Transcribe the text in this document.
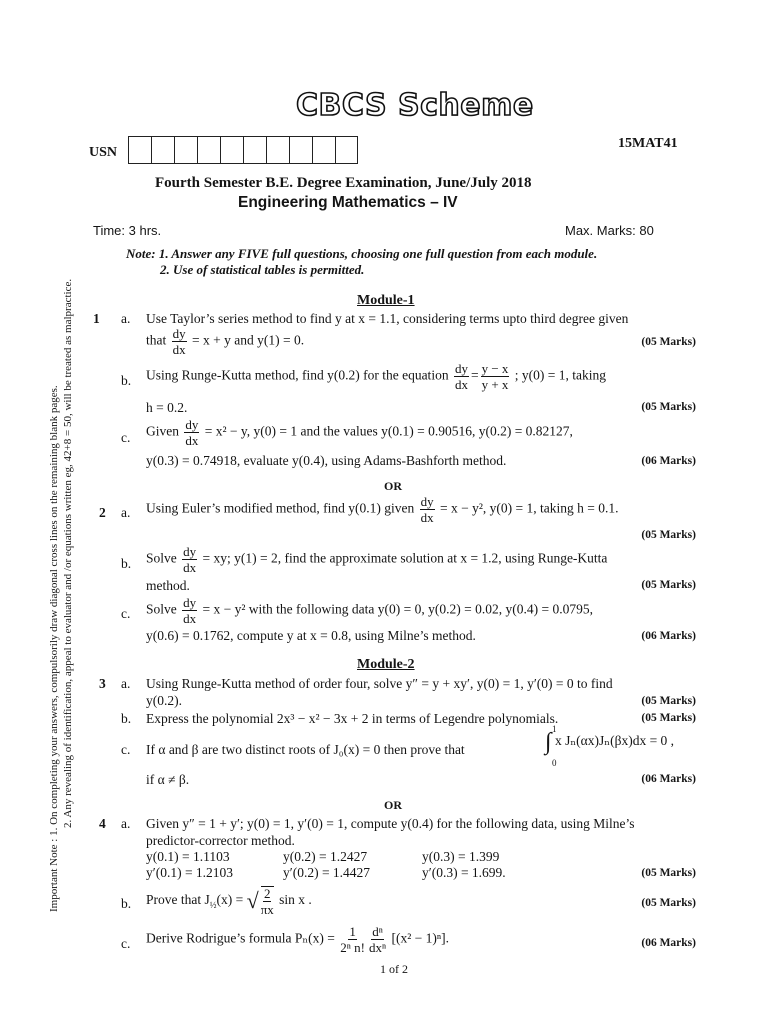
CBCS Scheme
USN
15MAT41
Fourth Semester B.E. Degree Examination, June/July 2018
Engineering Mathematics – IV
Time: 3 hrs.	Max. Marks: 80
Note: 1. Answer any FIVE full questions, choosing one full question from each module.
2. Use of statistical tables is permitted.
Important Note : 1. On completing your answers, compulsorily draw diagonal cross lines on the remaining blank pages. 2. Any revealing of identification, appeal to evaluator and /or equations written eg, 42+8 = 50, will be treated as malpractice.	Module-1
1 a. Use Taylor’s series method to find y at x = 1.1, considering terms upto third degree given
that $\frac{dy}{dx} = x + y$ and y(1) = 0.	(05 Marks)
b. Using Runge-Kutta method, find y(0.2) for the equation $\frac{dy}{dx} = \frac{y - x}{y + x}$ ; y(0) = 1, taking
h = 0.2.	(05 Marks)
c. Given $\frac{dy}{dx} = x^2 - y$, y(0) = 1 and the values y(0.1) = 0.90516, y(0.2) = 0.82127,
y(0.3) = 0.74918, evaluate y(0.4), using Adams-Bashforth method.	(06 Marks)
OR
2 a. Using Euler’s modified method, find y(0.1) given $\frac{dy}{dx} = x - y^2$, y(0) = 1, taking h = 0.1.
(05 Marks)
b. Solve $\frac{dy}{dx}$ = xy; y(1) = 2, find the approximate solution at x = 1.2, using Runge-Kutta
method.	(05 Marks)
c. Solve $\frac{dy}{dx} = x - y^2$ with the following data y(0) = 0, y(0.2) = 0.02, y(0.4) = 0.0795,
y(0.6) = 0.1762, compute y at x = 0.8, using Milne’s method.	(06 Marks)
Module-2
3 a. Using Runge-Kutta method of order four, solve y″ = y + xy′, y(0) = 1, y′(0) = 0 to find
y(0.2).	(05 Marks)
b. Express the polynomial 2x³ − x² − 3x + 2 in terms of Legendre polynomials.	(05 Marks)
c. If α and β are two distinct roots of J₀(x) = 0 then prove that	∫ x Jₙ(αx)Jₙ(βx)dx = 0 ,
1
0
if α ≠ β.	(06 Marks)
OR
4 a. Given y″ = 1 + y′; y(0) = 1, y′(0) = 1, compute y(0.4) for the following data, using Milne’s
predictor-corrector method.
y(0.1) = 1.1103	y(0.2) = 1.2427	y(0.3) = 1.399
y′(0.1) = 1.2103	y′(0.2) = 1.4427	y′(0.3) = 1.699.	(05 Marks)
b. Prove that $J_{\frac{1}{2}}(x)$ = √ $\frac{2}{\pi x}$ sin x .	(05 Marks)
c. Derive Rodrigue’s formula $P_n(x) = \frac{1}{\text{2ⁿ n!}} \frac{\text{dⁿ}}{\text{dxⁿ}} [(x^2 - 1)^n]$.	(06 Marks)
1 of 2
